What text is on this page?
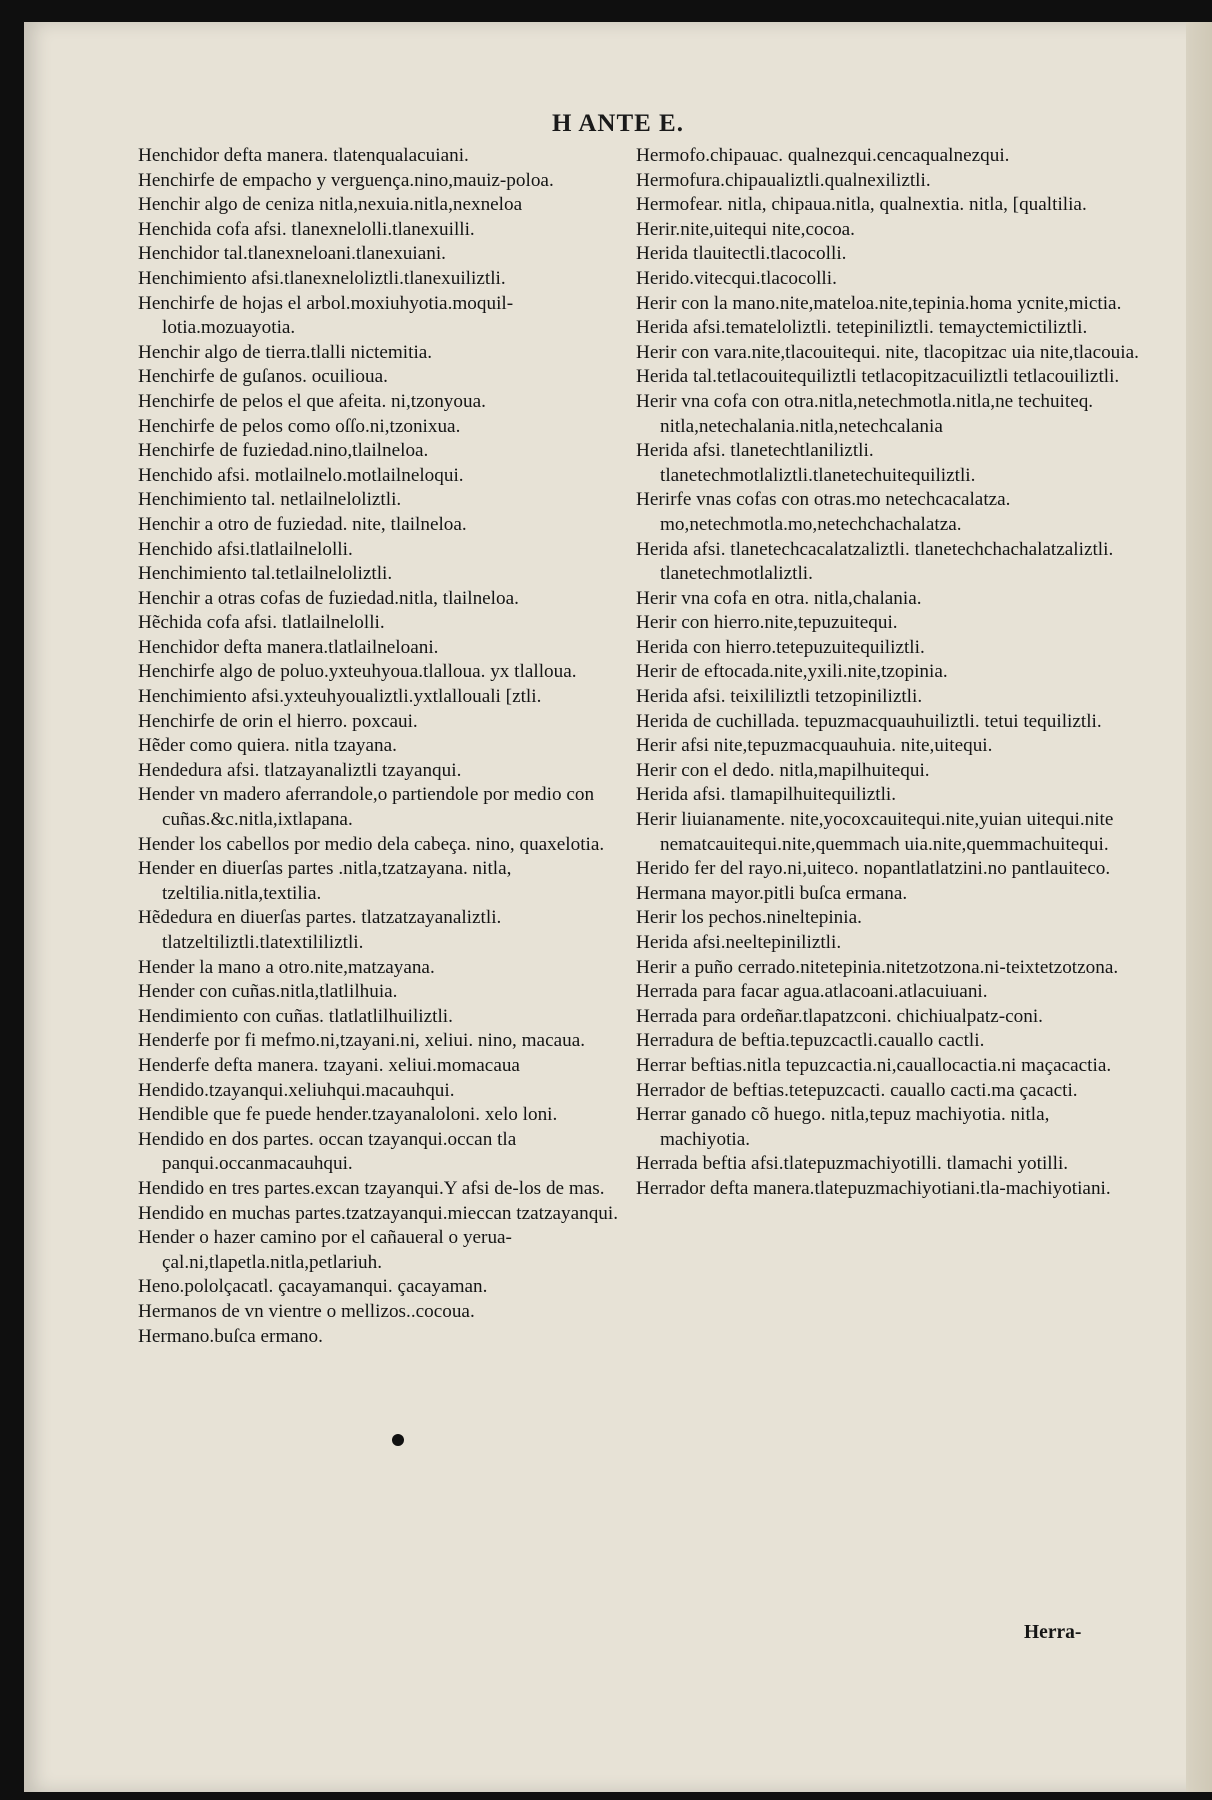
H ANTE E.

Henchidor defta manera. tlatenqualacuiani.

Henchirfe de empacho y verguença.nino,mauiz-poloa.

Henchir algo de ceniza nitla,nexuia.nitla,nexneloa

Henchida cofa afsi. tlanexnelolli.tlanexuilli.

Henchidor tal.tlanexneloani.tlanexuiani.

Henchimiento afsi.tlanexneloliztli.tlanexuiliztli.

Henchirfe de hojas el arbol.moxiuhyotia.moquil-lotia.mozuayotia.

Henchir algo de tierra.tlalli nictemitia.

Henchirfe de guſanos. ocuilioua.

Henchirfe de pelos el que afeita. ni,tzonyoua.

Henchirfe de pelos como oſſo.ni,tzonixua.

Henchirfe de fuziedad.nino,tlailneloa.

Henchido afsi. motlailnelo.motlailneloqui.

Henchimiento tal. netlailneloliztli.

Henchir a otro de fuziedad. nite, tlailneloa.

Henchido afsi.tlatlailnelolli.

Henchimiento tal.tetlailneloliztli.

Henchir a otras cofas de fuziedad.nitla, tlailneloa.

Hẽchida cofa afsi. tlatlailnelolli.

Henchidor defta manera.tlatlailneloani.

Henchirfe algo de poluo.yxteuhyoua.tlalloua. yx tlalloua.

Henchimiento afsi.yxteuhyoualiztli.yxtlallouali [ztli.

Henchirfe de orin el hierro. poxcaui.

Hẽder como quiera. nitla tzayana.

Hendedura afsi. tlatzayanaliztli tzayanqui.

Hender vn madero aferrandole,o partiendole por medio con cuñas.&c.nitla,ixtlapana.

Hender los cabellos por medio dela cabeça. nino, quaxelotia.

Hender en diuerſas partes .nitla,tzatzayana. nitla, tzeltilia.nitla,textilia.

Hẽdedura en diuerſas partes. tlatzatzayanaliztli. tlatzeltiliztli.tlatextililiztli.

Hender la mano a otro.nite,matzayana.

Hender con cuñas.nitla,tlatlilhuia.

Hendimiento con cuñas. tlatlatlilhuiliztli.

Henderfe por fi mefmo.ni,tzayani.ni, xeliui. nino, macaua.

Henderfe defta manera. tzayani. xeliui.momacaua

Hendido.tzayanqui.xeliuhqui.macauhqui.

Hendible que fe puede hender.tzayanaloloni. xelo loni.

Hendido en dos partes. occan tzayanqui.occan tla panqui.occanmacauhqui.

Hendido en tres partes.excan tzayanqui.Y afsi de-los de mas.

Hendido en muchas partes.tzatzayanqui.mieccan tzatzayanqui.

Hender o hazer camino por el cañaueral o yerua-çal.ni,tlapetla.nitla,petlariuh.

Heno.pololçacatl. çacayamanqui. çacayaman.

Hermanos de vn vientre o mellizos..cocoua.

Hermano.buſca ermano.

Hermofo.chipauac. qualnezqui.cencaqualnezqui.

Hermofura.chipaualiztli.qualnexiliztli.

Hermofear. nitla, chipaua.nitla, qualnextia. nitla, [qualtilia.

Herir.nite,uitequi nite,cocoa.

Herida tlauitectli.tlacocolli.

Herido.vitecqui.tlacocolli.

Herir con la mano.nite,mateloa.nite,tepinia.homa ycnite,mictia.

Herida afsi.temateloliztli. tetepiniliztli. temayctemictiliztli.

Herir con vara.nite,tlacouitequi. nite, tlacopitzac uia nite,tlacouia.

Herida tal.tetlacouitequiliztli tetlacopitzacuiliztli tetlacouiliztli.

Herir vna cofa con otra.nitla,netechmotla.nitla,ne techuiteq. nitla,netechalania.nitla,netechcalania

Herida afsi. tlanetechtlaniliztli. tlanetechmotlaliztli.tlanetechuitequiliztli.

Herirfe vnas cofas con otras.mo netechcacalatza. mo,netechmotla.mo,netechchachalatza.

Herida afsi. tlanetechcacalatzaliztli. tlanetechchachalatzaliztli. tlanetechmotlaliztli.

Herir vna cofa en otra. nitla,chalania.

Herir con hierro.nite,tepuzuitequi.

Herida con hierro.tetepuzuitequiliztli.

Herir de eftocada.nite,yxili.nite,tzopinia.

Herida afsi. teixililiztli tetzopiniliztli.

Herida de cuchillada. tepuzmacquauhuiliztli. tetui tequiliztli.

Herir afsi nite,tepuzmacquauhuia. nite,uitequi.

Herir con el dedo. nitla,mapilhuitequi.

Herida afsi. tlamapilhuitequiliztli.

Herir liuianamente. nite,yocoxcauitequi.nite,yuian uitequi.nite nematcauitequi.nite,quemmach uia.nite,quemmachuitequi.

Herido fer del rayo.ni,uiteco. nopantlatlatzini.no pantlauiteco.

Hermana mayor.pitli buſca ermana.

Herir los pechos.nineltepinia.

Herida afsi.neeltepiniliztli.

Herir a puño cerrado.nitetepinia.nitetzotzona.ni-teixtetzotzona.

Herrada para facar agua.atlacoani.atlacuiuani.

Herrada para ordeñar.tlapatzconi. chichiualpatz-coni.

Herradura de beftia.tepuzcactli.cauallo cactli.

Herrar beftias.nitla tepuzcactia.ni,cauallocactia.ni maçacactia.

Herrador de beftias.tetepuzcacti. cauallo cacti.ma çacacti.

Herrar ganado cõ huego. nitla,tepuz machiyotia. nitla, machiyotia.

Herrada beftia afsi.tlatepuzmachiyotilli. tlamachi yotilli.

Herrador defta manera.tlatepuzmachiyotiani.tla-machiyotiani.

Herra-
